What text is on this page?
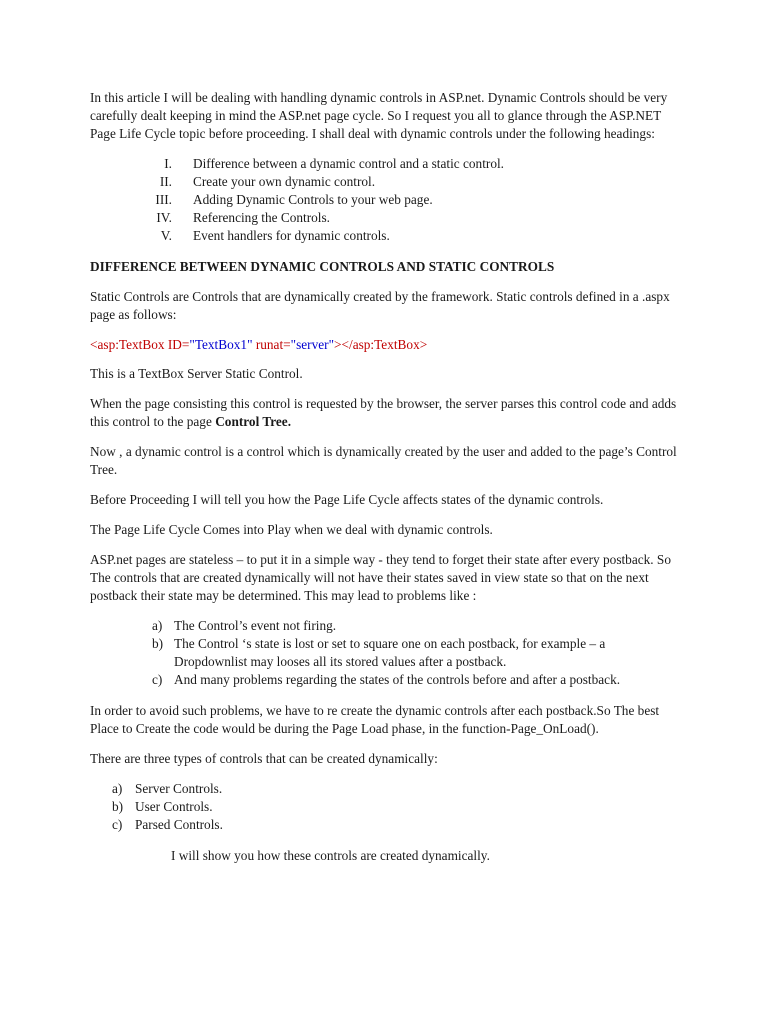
In this article I will be dealing with handling dynamic controls in ASP.net. Dynamic Controls should be very carefully dealt keeping in mind the ASP.net page cycle. So I request you all to glance through the ASP.NET Page Life Cycle topic before proceeding. I shall deal with dynamic controls under the following headings:

I. Difference between a dynamic control and a static control.
II. Create your own dynamic control.
III. Adding Dynamic Controls to your web page.
IV. Referencing the Controls.
V. Event handlers for dynamic controls.

DIFFERENCE BETWEEN DYNAMIC CONTROLS AND STATIC CONTROLS

Static Controls are Controls that are dynamically created by the framework. Static controls defined in a .aspx page as follows:

<asp:TextBox ID="TextBox1" runat="server"></asp:TextBox>

This is a TextBox Server Static Control.

When the page consisting this control is requested by the browser, the server parses this control code and adds this control to the page Control Tree.

Now , a dynamic control is a control which is dynamically created by the user and added to the page’s Control Tree.

Before Proceeding I will tell you how the Page Life Cycle affects states of the dynamic controls.

The Page Life Cycle Comes into Play when we deal with dynamic controls.

ASP.net pages are stateless – to put it in a simple way - they tend to forget their state after every postback. So The controls that are created dynamically will not have their states saved in view state so that on the next postback their state may be determined. This may lead to problems like :

a) The Control’s event not firing.
b) The Control ‘s state is lost or set to square one on each postback, for example – a Dropdownlist may looses all its stored values after a postback.
c) And many problems regarding the states of the controls before and after a postback.

In order to avoid such problems, we have to re create the dynamic controls after each postback.So The best Place to Create the code would be during the Page Load phase, in the function-Page_OnLoad().

There are three types of controls that can be created dynamically:

a) Server Controls.
b) User Controls.
c) Parsed Controls.

I will show you how these controls are created dynamically.
